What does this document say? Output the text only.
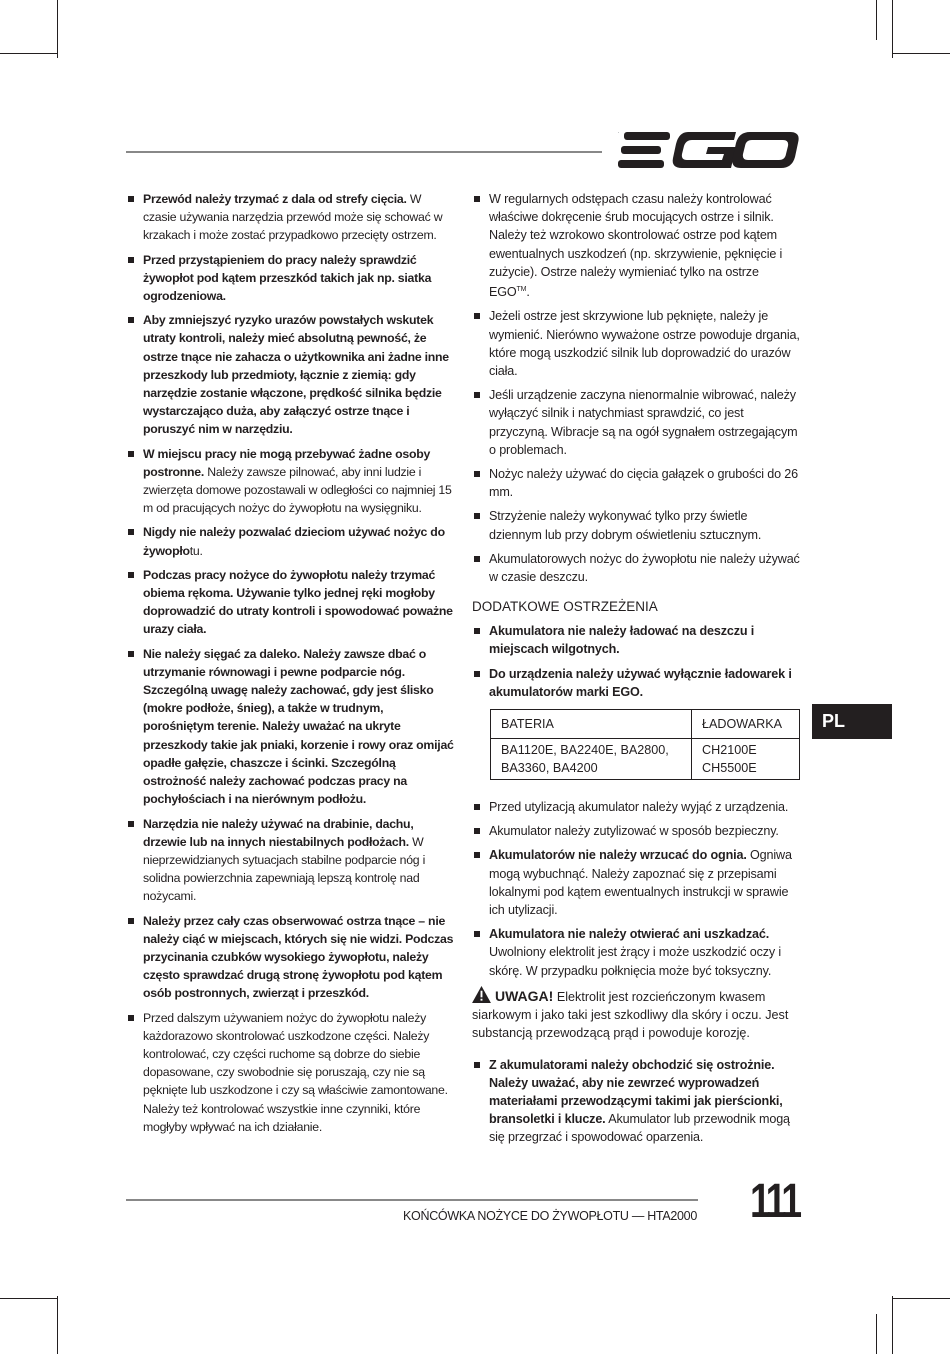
Przewód należy trzymać z dala od strefy cięcia. W czasie używania narzędzia przewód może się schować w krzakach i może zostać przypadkowo przecięty ostrzem.
Przed przystąpieniem do pracy należy sprawdzić żywopłot pod kątem przeszkód takich jak np. siatka ogrodzeniowa.
Aby zmniejszyć ryzyko urazów powstałych wskutek utraty kontroli, należy mieć absolutną pewność, że ostrze tnące nie zahacza o użytkownika ani żadne inne przeszkody lub przedmioty, łącznie z ziemią: gdy narzędzie zostanie włączone, prędkość silnika będzie wystarczająco duża, aby załączyć ostrze tnące i poruszyć nim w narzędziu.
W miejscu pracy nie mogą przebywać żadne osoby postronne. Należy zawsze pilnować, aby inni ludzie i zwierzęta domowe pozostawali w odległości co najmniej 15 m od pracujących nożyc do żywopłotu na wysięgniku.
Nigdy nie należy pozwalać dzieciom używać nożyc do żywopłotu.
Podczas pracy nożyce do żywopłotu należy trzymać obiema rękoma. Używanie tylko jednej ręki mogłoby doprowadzić do utraty kontroli i spowodować poważne urazy ciała.
Nie należy sięgać za daleko. Należy zawsze dbać o utrzymanie równowagi i pewne podparcie nóg. Szczególną uwagę należy zachować, gdy jest ślisko (mokre podłoże, śnieg), a także w trudnym, porośniętym terenie. Należy uważać na ukryte przeszkody takie jak pniaki, korzenie i rowy oraz omijać opadłe gałęzie, chaszcze i ścinki. Szczególną ostrożność należy zachować podczas pracy na pochyłościach i na nierównym podłożu.
Narzędzia nie należy używać na drabinie, dachu, drzewie lub na innych niestabilnych podłożach. W nieprzewidzianych sytuacjach stabilne podparcie nóg i solidna powierzchnia zapewniają lepszą kontrolę nad nożycami.
Należy przez cały czas obserwować ostrza tnące – nie należy ciąć w miejscach, których się nie widzi. Podczas przycinania czubków wysokiego żywopłotu, należy często sprawdzać drugą stronę żywopłotu pod kątem osób postronnych, zwierząt i przeszkód.
Przed dalszym używaniem nożyc do żywopłotu należy każdorazowo skontrolować uszkodzone części. Należy kontrolować, czy części ruchome są dobrze do siebie dopasowane, czy swobodnie się poruszają, czy nie są pęknięte lub uszkodzone i czy są właściwie zamontowane. Należy też kontrolować wszystkie inne czynniki, które mogłyby wpływać na ich działanie.
W regularnych odstępach czasu należy kontrolować właściwe dokręcenie śrub mocujących ostrze i silnik. Należy też wzrokowo skontrolować ostrze pod kątem ewentualnych uszkodzeń (np. skrzywienie, pęknięcie i zużycie). Ostrze należy wymieniać tylko na ostrze EGO™.
Jeżeli ostrze jest skrzywione lub pęknięte, należy je wymienić. Nierówno wyważone ostrze powoduje drgania, które mogą uszkodzić silnik lub doprowadzić do urazów ciała.
Jeśli urządzenie zaczyna nienormalnie wibrować, należy wyłączyć silnik i natychmiast sprawdzić, co jest przyczyną. Wibracje są na ogół sygnałem ostrzegającym o problemach.
Nożyc należy używać do cięcia gałązek o grubości do 26 mm.
Strzyżenie należy wykonywać tylko przy świetle dziennym lub przy dobrym oświetleniu sztucznym.
Akumulatorowych nożyc do żywopłotu nie należy używać w czasie deszczu.
DODATKOWE OSTRZEŻENIA
Akumulatora nie należy ładować na deszczu i miejscach wilgotnych.
Do urządzenia należy używać wyłącznie ładowarek i akumulatorów marki EGO.
BATERIA	ŁADOWARKA
BA1120E, BA2240E, BA2800, BA3360, BA4200	CH2100E CH5500E
Przed utylizacją akumulator należy wyjąć z urządzenia.
Akumulator należy zutylizować w sposób bezpieczny.
Akumulatorów nie należy wrzucać do ognia. Ogniwa mogą wybuchnąć. Należy zapoznać się z przepisami lokalnymi pod kątem ewentualnych instrukcji w sprawie ich utylizacji.
Akumulatora nie należy otwierać ani uszkadzać. Uwolniony elektrolit jest żrący i może uszkodzić oczy i skórę. W przypadku połknięcia może być toksyczny.
UWAGA! Elektrolit jest rozcieńczonym kwasem siarkowym i jako taki jest szkodliwy dla skóry i oczu. Jest substancją przewodzącą prąd i powoduje korozję.
Z akumulatorami należy obchodzić się ostrożnie. Należy uważać, aby nie zewrzeć wyprowadzeń materiałami przewodzącymi takimi jak pierścionki, bransoletki i klucze. Akumulator lub przewodnik mogą się przegrzać i spowodować oparzenia.
PL
KOŃCÓWKA NOŻYCE DO ŻYWOPŁOTU — HTA2000 111
